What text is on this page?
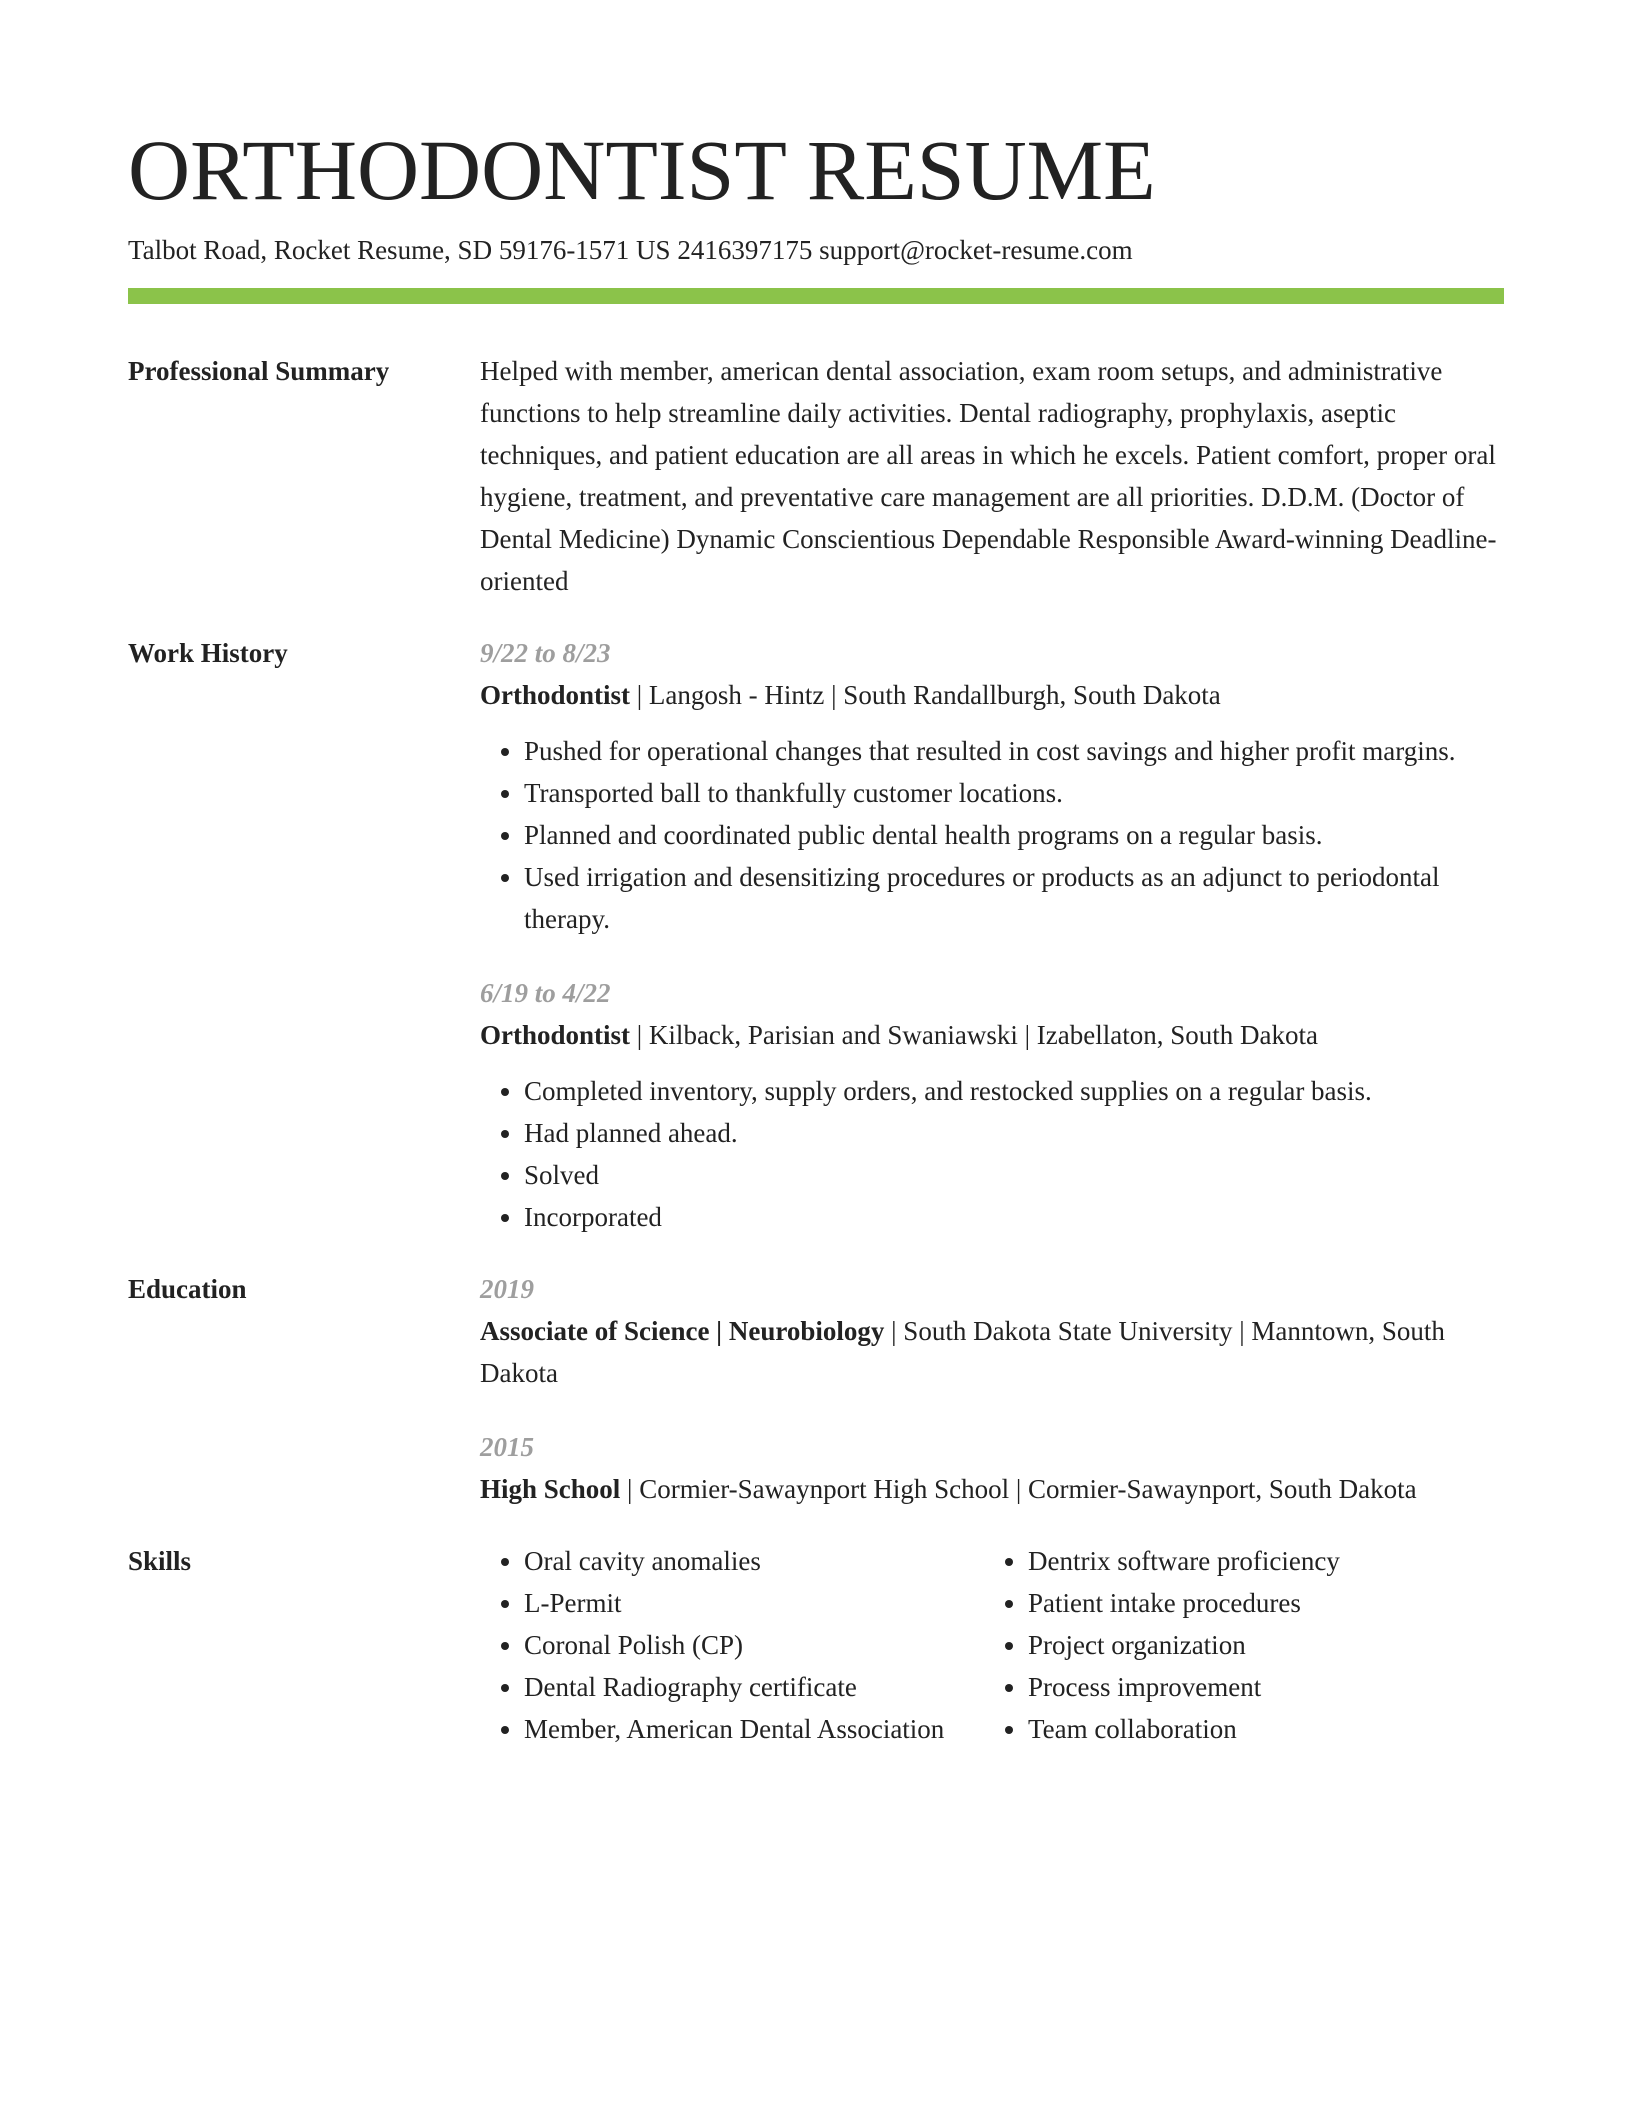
ORTHODONTIST RESUME
Talbot Road, Rocket Resume, SD 59176-1571 US 2416397175 support@rocket-resume.com
Professional Summary	Helped with member, american dental association, exam room setups, and administrative functions to help streamline daily activities. Dental radiography, prophylaxis, aseptic techniques, and patient education are all areas in which he excels. Patient comfort, proper oral hygiene, treatment, and preventative care management are all priorities. D.D.M. (Doctor of Dental Medicine) Dynamic Conscientious Dependable Responsible Award-winning Deadline-oriented
Work History	9/22 to 8/23
Orthodontist | Langosh - Hintz | South Randallburgh, South Dakota
• Pushed for operational changes that resulted in cost savings and higher profit margins.
• Transported ball to thankfully customer locations.
• Planned and coordinated public dental health programs on a regular basis.
• Used irrigation and desensitizing procedures or products as an adjunct to periodontal therapy.
6/19 to 4/22
Orthodontist | Kilback, Parisian and Swaniawski | Izabellaton, South Dakota
• Completed inventory, supply orders, and restocked supplies on a regular basis.
• Had planned ahead.
• Solved
• Incorporated
Education	2019
Associate of Science | Neurobiology | South Dakota State University | Manntown, South Dakota
2015
High School | Cormier-Sawaynport High School | Cormier-Sawaynport, South Dakota
Skills
•	Oral cavity anomalies
• L-Permit
• Coronal Polish (CP)
• Dental Radiography certificate
• Member, American Dental Association
• Dentrix software proficiency
• Patient intake procedures
• Project organization
• Process improvement
• Team collaboration
